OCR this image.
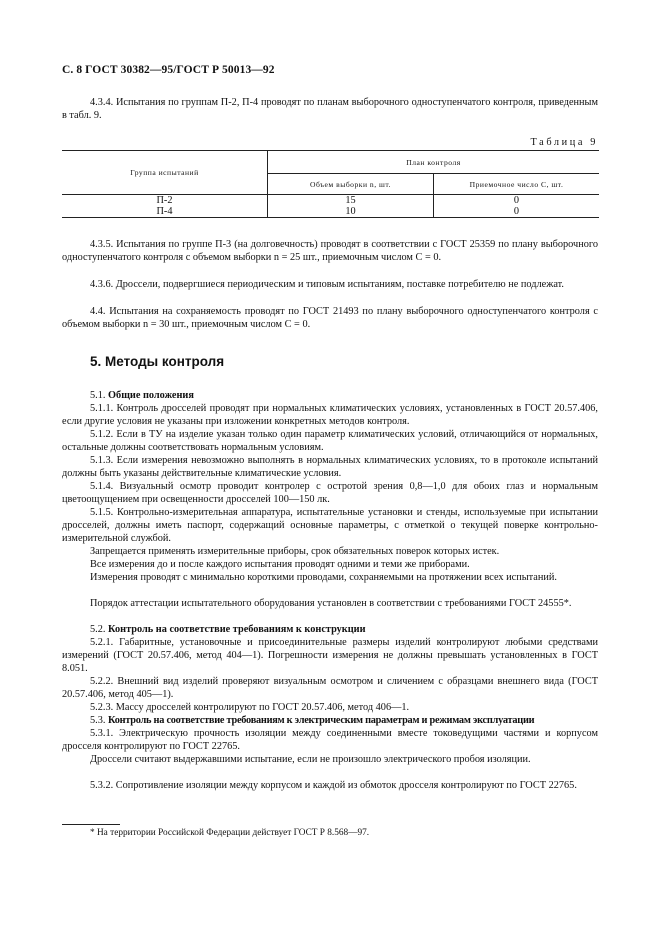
С. 8 ГОСТ 30382—95/ГОСТ Р 50013—92

4.3.4. Испытания по группам П-2, П-4 проводят по планам выборочного одноступенчатого контроля, приведенным в табл. 9.

Таблица 9
Группа испытаний	План контроля	
	Объем выборки n, шт.	Приемочное число C, шт.
П-2	15	0
П-4	10	0

4.3.5. Испытания по группе П-3 (на долговечность) проводят в соответствии с ГОСТ 25359 по плану выборочного одноступенчатого контроля с объемом выборки n = 25 шт., приемочным числом C = 0.

4.3.6. Дроссели, подвергшиеся периодическим и типовым испытаниям, поставке потребителю не подлежат.

4.4. Испытания на сохраняемость проводят по ГОСТ 21493 по плану выборочного одноступенчатого контроля с объемом выборки n = 30 шт., приемочным числом C = 0.

5. Методы контроля

5.1. Общие положения

5.1.1. Контроль дросселей проводят при нормальных климатических условиях, установленных в ГОСТ 20.57.406, если другие условия не указаны при изложении конкретных методов контроля.

5.1.2. Если в ТУ на изделие указан только один параметр климатических условий, отличающийся от нормальных, остальные должны соответствовать нормальным условиям.

5.1.3. Если измерения невозможно выполнять в нормальных климатических условиях, то в протоколе испытаний должны быть указаны действительные климатические условия.

5.1.4. Визуальный осмотр проводит контролер с остротой зрения 0,8—1,0 для обоих глаз и нормальным цветоощущением при освещенности дросселей 100—150 лк.

5.1.5. Контрольно-измерительная аппаратура, испытательные установки и стенды, используемые при испытании дросселей, должны иметь паспорт, содержащий основные параметры, с отметкой о текущей поверке контрольно-измерительной службой.

Запрещается применять измерительные приборы, срок обязательных поверок которых истек.

Все измерения до и после каждого испытания проводят одними и теми же приборами.

Измерения проводят с минимально короткими проводами, сохраняемыми на протяжении всех испытаний.

Порядок аттестации испытательного оборудования установлен в соответствии с требованиями ГОСТ 24555*.

5.2. Контроль на соответствие требованиям к конструкции

5.2.1. Габаритные, установочные и присоединительные размеры изделий контролируют любыми средствами измерений (ГОСТ 20.57.406, метод 404—1). Погрешности измерения не должны превышать установленных в ГОСТ 8.051.

5.2.2. Внешний вид изделий проверяют визуальным осмотром и сличением с образцами внешнего вида (ГОСТ 20.57.406, метод 405—1).

5.2.3. Массу дросселей контролируют по ГОСТ 20.57.406, метод 406—1.

5.3. Контроль на соответствие требованиям к электрическим параметрам и режимам эксплуатации

5.3.1. Электрическую прочность изоляции между соединенными вместе токоведущими частями и корпусом дросселя контролируют по ГОСТ 22765.

Дроссели считают выдержавшими испытание, если не произошло электрического пробоя изоляции.

5.3.2. Сопротивление изоляции между корпусом и каждой из обмоток дросселя контролируют по ГОСТ 22765.

* На территории Российской Федерации действует ГОСТ Р 8.568—97.
